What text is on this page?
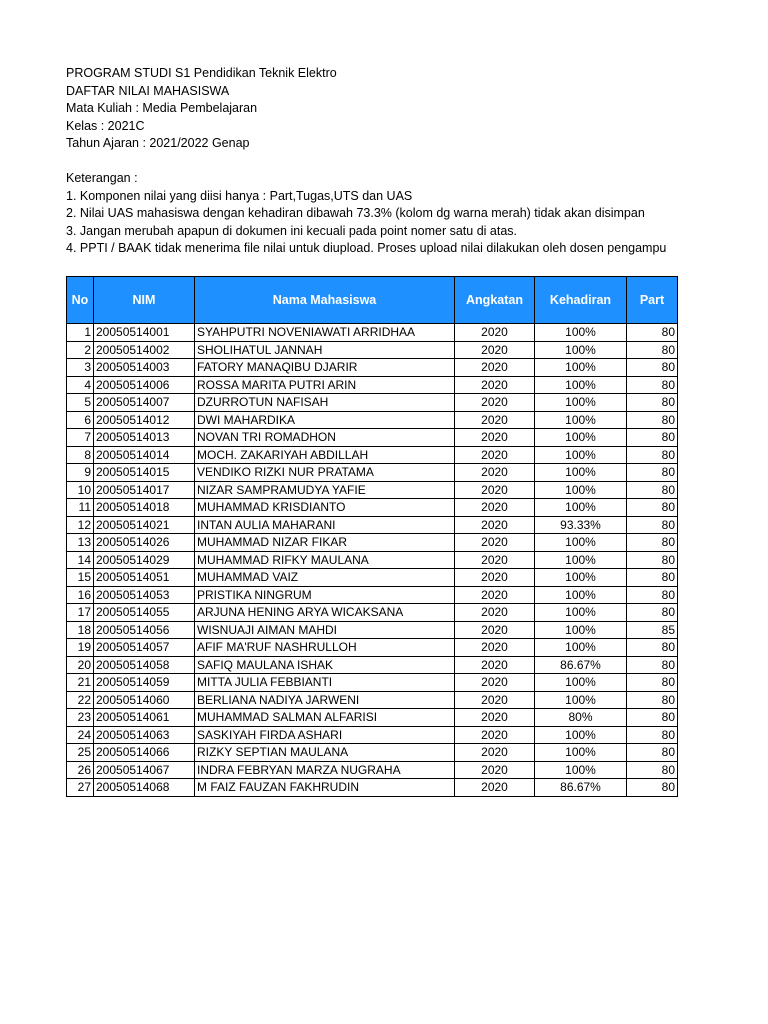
PROGRAM STUDI S1 Pendidikan Teknik Elektro
DAFTAR NILAI MAHASISWA
Mata Kuliah : Media Pembelajaran
Kelas : 2021C
Tahun Ajaran : 2021/2022 Genap
Keterangan :
1. Komponen nilai yang diisi hanya : Part,Tugas,UTS dan UAS
2. Nilai UAS mahasiswa dengan kehadiran dibawah 73.3% (kolom dg warna merah) tidak akan disimpan
3. Jangan merubah apapun di dokumen ini kecuali pada point nomer satu di atas.
4. PPTI / BAAK tidak menerima file nilai untuk diupload. Proses upload nilai dilakukan oleh dosen pengampu
No	NIM	Nama Mahasiswa	Angkatan	Kehadiran	Part
1	20050514001	SYAHPUTRI NOVENIAWATI ARRIDHAA	2020	100%	80
2	20050514002	SHOLIHATUL JANNAH	2020	100%	80
3	20050514003	FATORY MANAQIBU DJARIR	2020	100%	80
4	20050514006	ROSSA MARITA PUTRI ARIN	2020	100%	80
5	20050514007	DZURROTUN NAFISAH	2020	100%	80
6	20050514012	DWI MAHARDIKA	2020	100%	80
7	20050514013	NOVAN TRI ROMADHON	2020	100%	80
8	20050514014	MOCH. ZAKARIYAH ABDILLAH	2020	100%	80
9	20050514015	VENDIKO RIZKI NUR PRATAMA	2020	100%	80
10	20050514017	NIZAR SAMPRAMUDYA YAFIE	2020	100%	80
11	20050514018	MUHAMMAD KRISDIANTO	2020	100%	80
12	20050514021	INTAN AULIA MAHARANI	2020	93.33%	80
13	20050514026	MUHAMMAD NIZAR FIKAR	2020	100%	80
14	20050514029	MUHAMMAD RIFKY MAULANA	2020	100%	80
15	20050514051	MUHAMMAD VAIZ	2020	100%	80
16	20050514053	PRISTIKA NINGRUM	2020	100%	80
17	20050514055	ARJUNA HENING ARYA WICAKSANA	2020	100%	80
18	20050514056	WISNUAJI AIMAN MAHDI	2020	100%	85
19	20050514057	AFIF MA'RUF NASHRULLOH	2020	100%	80
20	20050514058	SAFIQ MAULANA ISHAK	2020	86.67%	80
21	20050514059	MITTA JULIA FEBBIANTI	2020	100%	80
22	20050514060	BERLIANA NADIYA JARWENI	2020	100%	80
23	20050514061	MUHAMMAD SALMAN ALFARISI	2020	80%	80
24	20050514063	SASKIYAH FIRDA ASHARI	2020	100%	80
25	20050514066	RIZKY SEPTIAN MAULANA	2020	100%	80
26	20050514067	INDRA FEBRYAN MARZA NUGRAHA	2020	100%	80
27	20050514068	M FAIZ FAUZAN FAKHRUDIN	2020	86.67%	80
